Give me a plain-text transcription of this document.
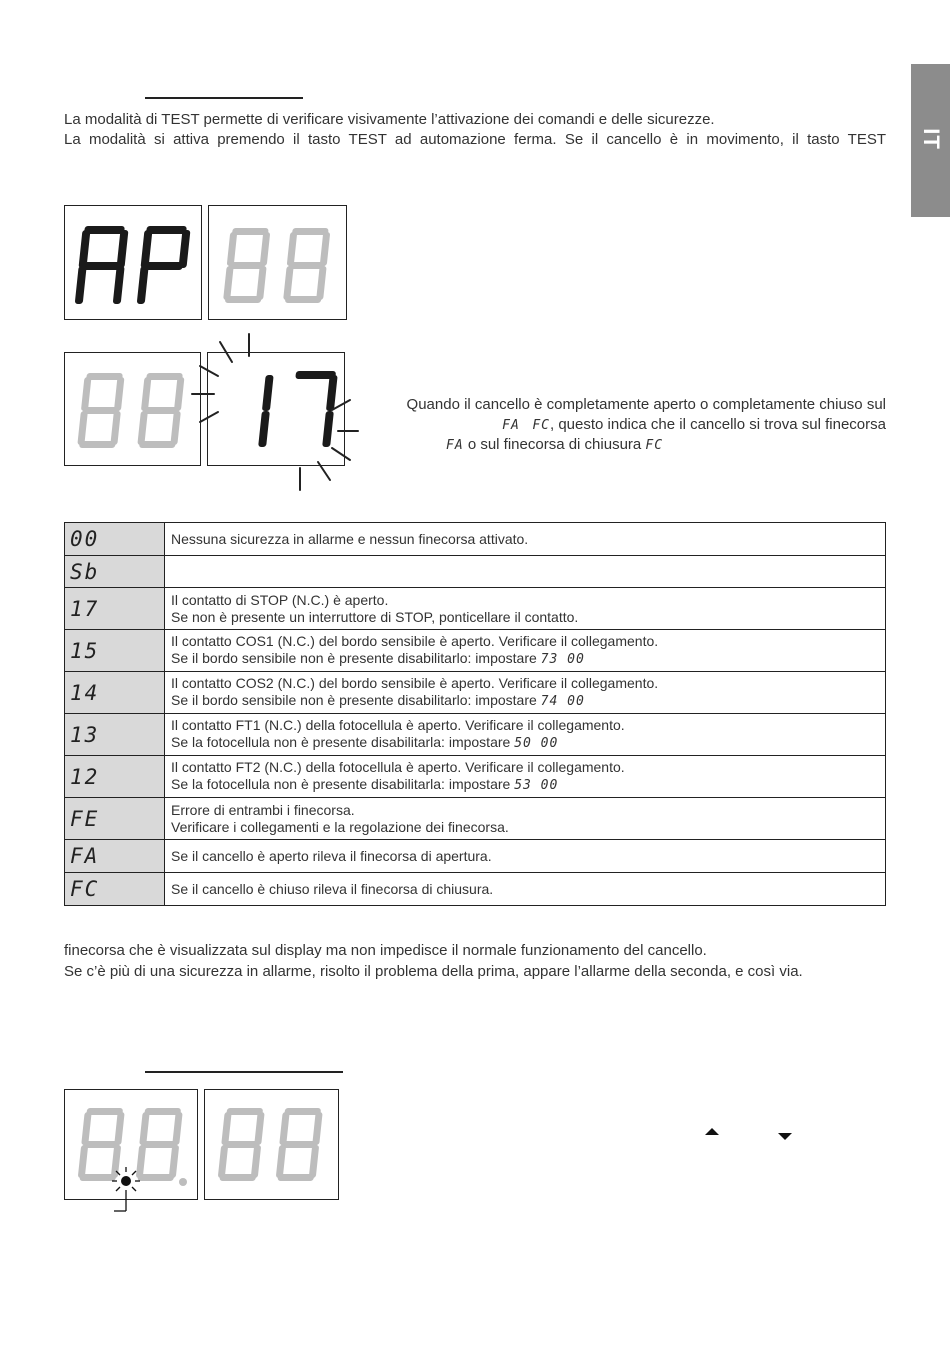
IT
La modalità di TEST permette di verificare visivamente l’attivazione dei comandi e delle sicurezze.
La modalità si attiva premendo il tasto TEST ad automazione ferma. Se il cancello è in movimento, il tasto TEST
Quando il cancello è completamente aperto o completamente chiuso sul
FA FC, questo indica che il cancello si trova sul finecorsa
FA o sul finecorsa di chiusura FC
00	Nessuna sicurezza in allarme e nessun finecorsa attivato.
Sb	
17	Il contatto di STOP (N.C.) è aperto.
Se non è presente un interruttore di STOP, ponticellare il contatto.

15	Il contatto COS1 (N.C.) del bordo sensibile è aperto. Verificare il collegamento.
Se il bordo sensibile non è presente disabilitarlo: impostare 73 00

14	Il contatto COS2 (N.C.) del bordo sensibile è aperto. Verificare il collegamento.
Se il bordo sensibile non è presente disabilitarlo: impostare 74 00

13	Il contatto FT1 (N.C.) della fotocellula è aperto. Verificare il collegamento.
Se la fotocellula non è presente disabilitarla: impostare 50 00

12	Il contatto FT2 (N.C.) della fotocellula è aperto. Verificare il collegamento.
Se la fotocellula non è presente disabilitarla: impostare 53 00

FE	Errore di entrambi i finecorsa.
Verificare i collegamenti e la regolazione dei finecorsa.

FA	Se il cancello è aperto rileva il finecorsa di apertura.
FC	Se il cancello è chiuso rileva il finecorsa di chiusura.
finecorsa che è visualizzata sul display ma non impedisce il normale funzionamento del cancello.
Se c’è più di una sicurezza in allarme, risolto il problema della prima, appare l’allarme della seconda, e così via.
